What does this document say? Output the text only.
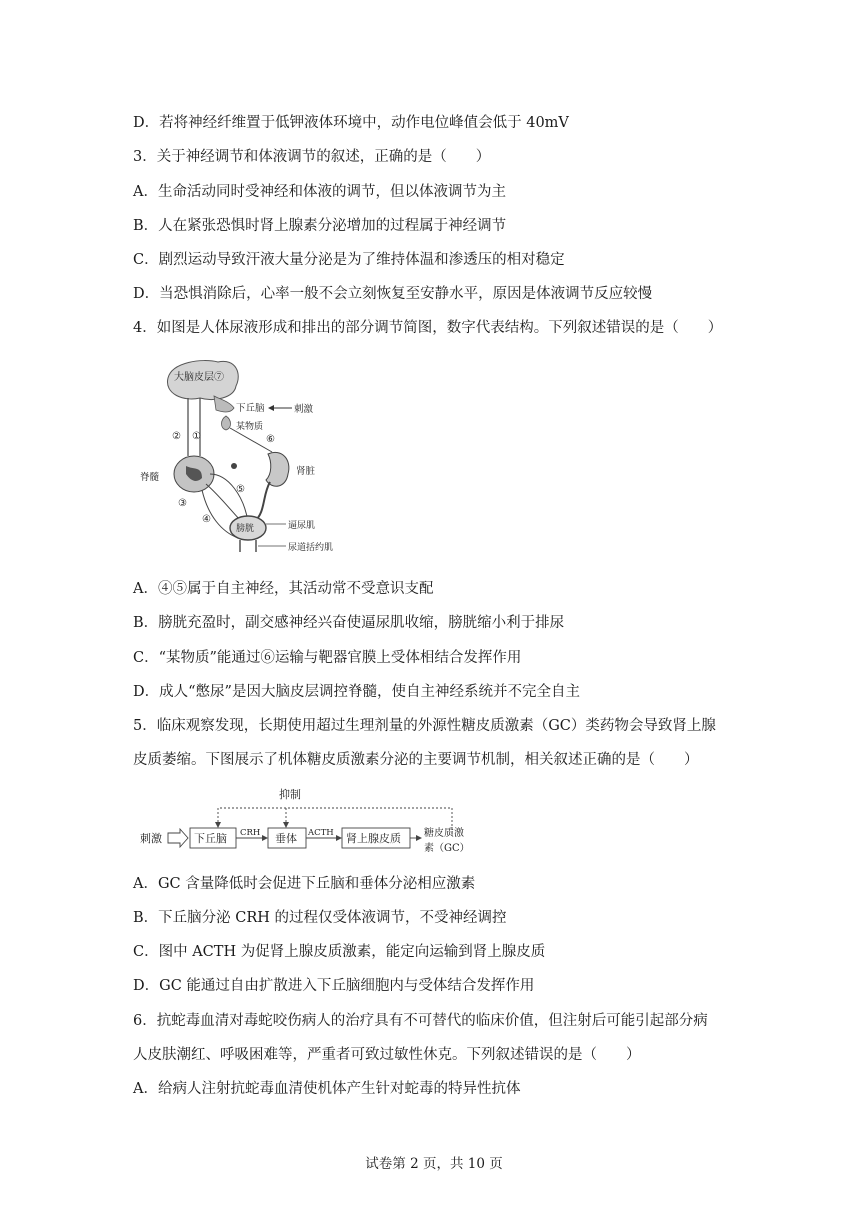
D．若将神经纤维置于低钾液体环境中，动作电位峰值会低于 40mV
3．关于神经调节和体液调节的叙述，正确的是（　　）
A．生命活动同时受神经和体液的调节，但以体液调节为主
B．人在紧张恐惧时肾上腺素分泌增加的过程属于神经调节
C．剧烈运动导致汗液大量分泌是为了维持体温和渗透压的相对稳定
D．当恐惧消除后，心率一般不会立刻恢复至安静水平，原因是体液调节反应较慢
4．如图是人体尿液形成和排出的部分调节简图，数字代表结构。下列叙述错误的是（　　）
大脑皮层⑦
下丘脑	刺激
某物质
⑥
肾脏
② ①
脊髓
③
④
⑤
膀胱	逼尿肌
尿道括约肌
A．④⑤属于自主神经，其活动常不受意识支配
B．膀胱充盈时，副交感神经兴奋使逼尿肌收缩，膀胱缩小利于排尿
C．“某物质”能通过⑥运输与靶器官膜上受体相结合发挥作用
D．成人“憋尿”是因大脑皮层调控脊髓，使自主神经系统并不完全自主
5．临床观察发现，长期使用超过生理剂量的外源性糖皮质激素（GC）类药物会导致肾上腺
皮质萎缩。下图展示了机体糖皮质激素分泌的主要调节机制，相关叙述正确的是（　　）
抑制
刺激	下丘脑 CRH 垂体 ACTH 肾上腺皮质 糖皮质激
素（GC）
A．GC 含量降低时会促进下丘脑和垂体分泌相应激素
B．下丘脑分泌 CRH 的过程仅受体液调节，不受神经调控
C．图中 ACTH 为促肾上腺皮质激素，能定向运输到肾上腺皮质
D．GC 能通过自由扩散进入下丘脑细胞内与受体结合发挥作用
6．抗蛇毒血清对毒蛇咬伤病人的治疗具有不可替代的临床价值，但注射后可能引起部分病
人皮肤潮红、呼吸困难等，严重者可致过敏性休克。下列叙述错误的是（　　）
A．给病人注射抗蛇毒血清使机体产生针对蛇毒的特异性抗体
试卷第 2 页，共 10 页
